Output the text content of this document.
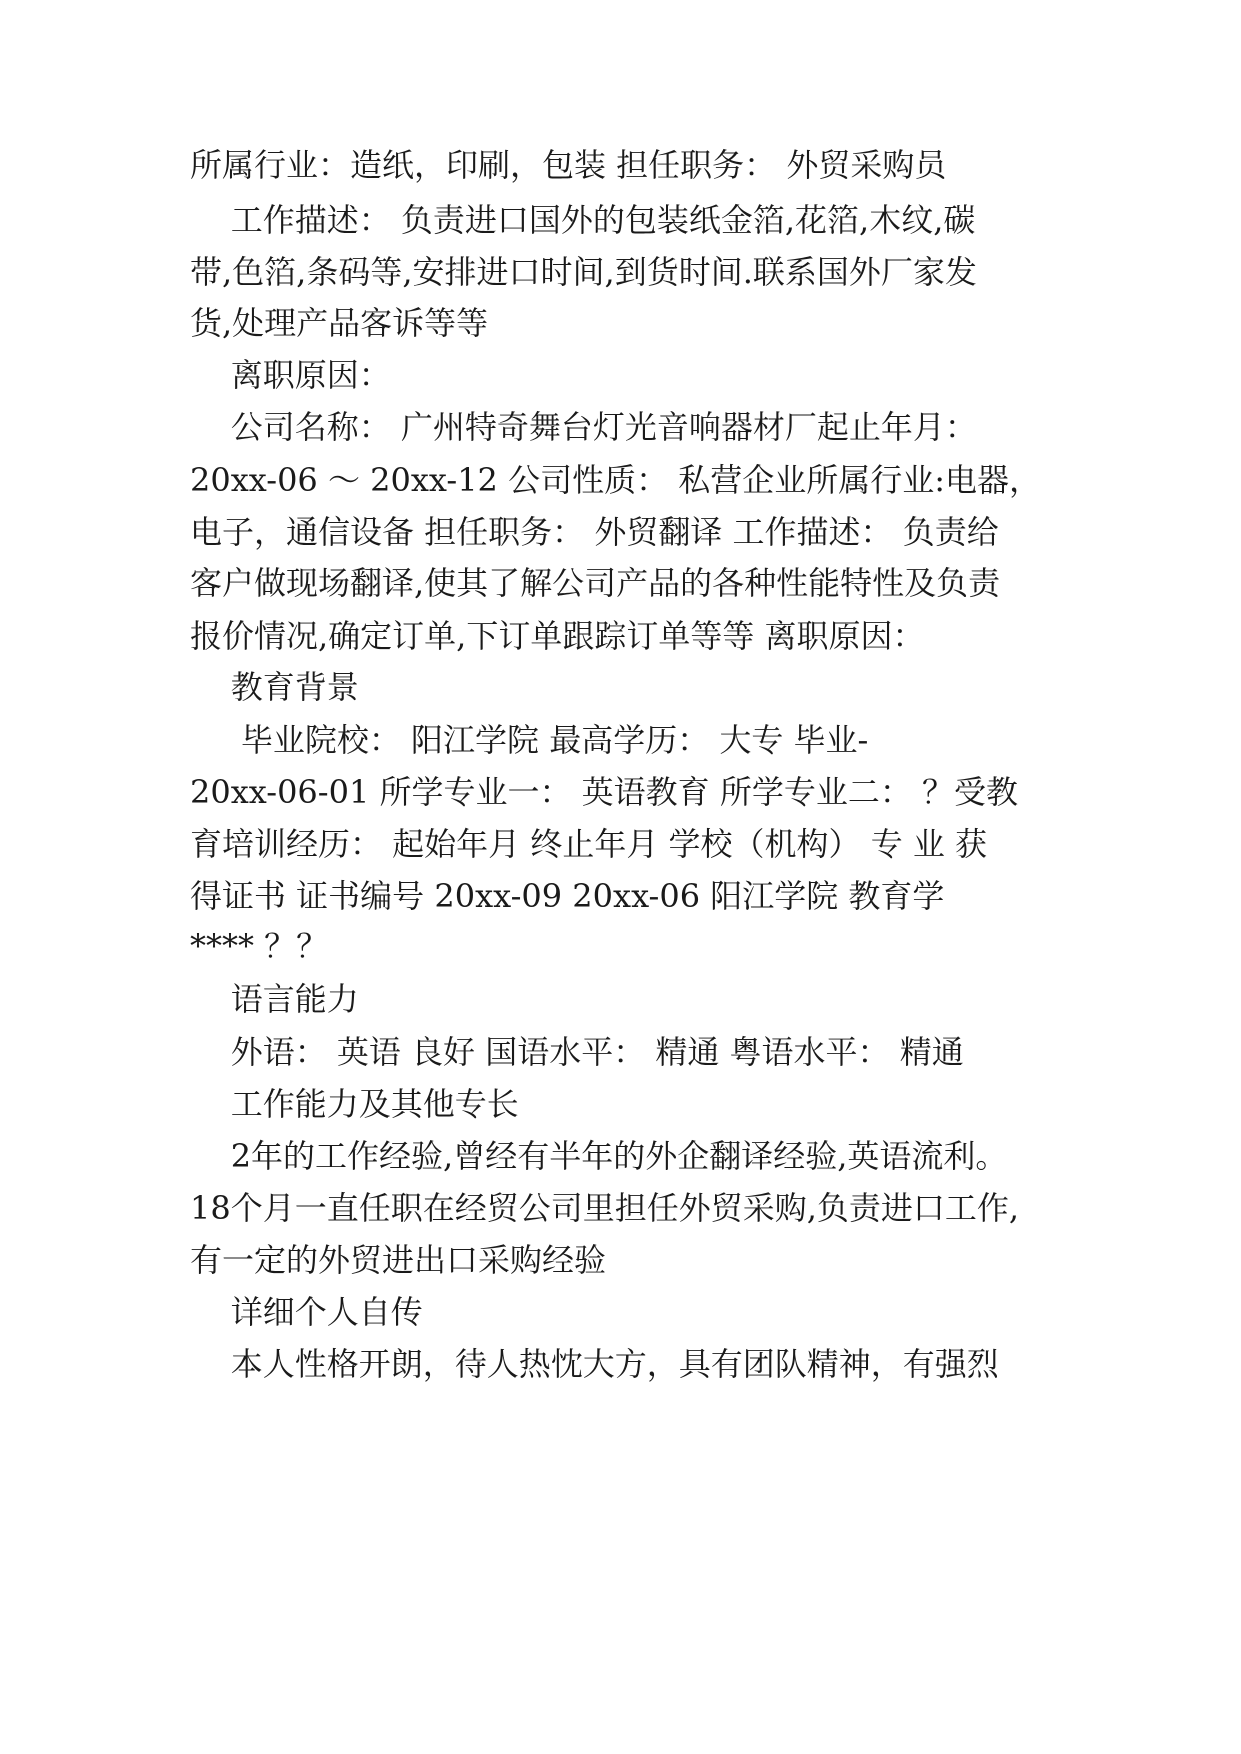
所属行业：造纸，印刷，包装 担任职务： 外贸采购员

工作描述： 负责进口国外的包装纸金箔,花箔,木纹,碳

带,色箔,条码等,安排进口时间,到货时间.联系国外厂家发

货,处理产品客诉等等

离职原因：

公司名称： 广州特奇舞台灯光音响器材厂起止年月：

20xx-06 ～ 20xx-12 公司性质： 私营企业所属行业:电器，

电子，通信设备 担任职务： 外贸翻译 工作描述： 负责给

客户做现场翻译,使其了解公司产品的各种性能特性及负责

报价情况,确定订单,下订单跟踪订单等等 离职原因：

教育背景

毕业院校： 阳江学院 最高学历： 大专 毕业-

20xx-06-01 所学专业一： 英语教育 所学专业二： ？受教

育培训经历： 起始年月 终止年月 学校（机构） 专 业 获

得证书 证书编号 20xx-09 20xx-06 阳江学院 教育学

**** ？？

语言能力

外语： 英语 良好 国语水平： 精通 粤语水平： 精通

工作能力及其他专长

2年的工作经验,曾经有半年的外企翻译经验,英语流利。

18个月一直任职在经贸公司里担任外贸采购,负责进口工作,

有一定的外贸进出口采购经验

详细个人自传

本人性格开朗，待人热忱大方，具有团队精神，有强烈
